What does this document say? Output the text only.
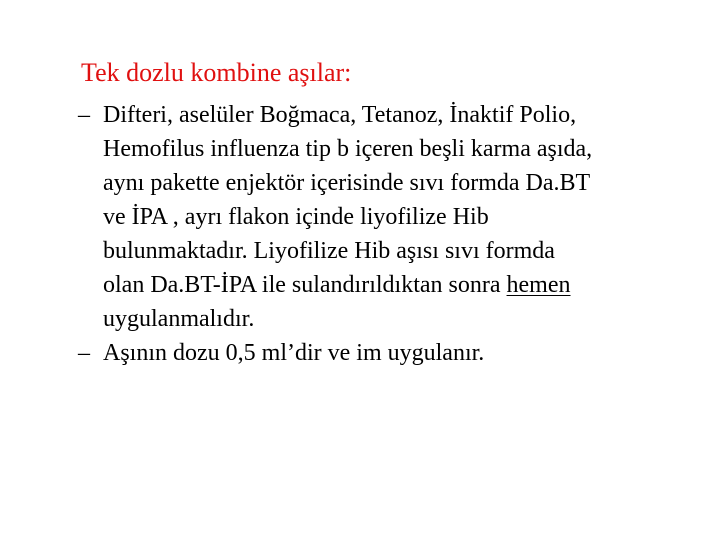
Tek dozlu kombine aşılar:
– Difteri, aselüler Boğmaca, Tetanoz, İnaktif Polio,
Hemofilus influenza tip b içeren beşli karma aşıda,
aynı pakette enjektör içerisinde sıvı formda Da.BT
ve İPA , ayrı flakon içinde liyofilize Hib
bulunmaktadır. Liyofilize Hib aşısı sıvı formda
olan Da.BT-İPA ile sulandırıldıktan sonra hemen
uygulanmalıdır.
– Aşının dozu 0,5 ml’dir ve im uygulanır.
